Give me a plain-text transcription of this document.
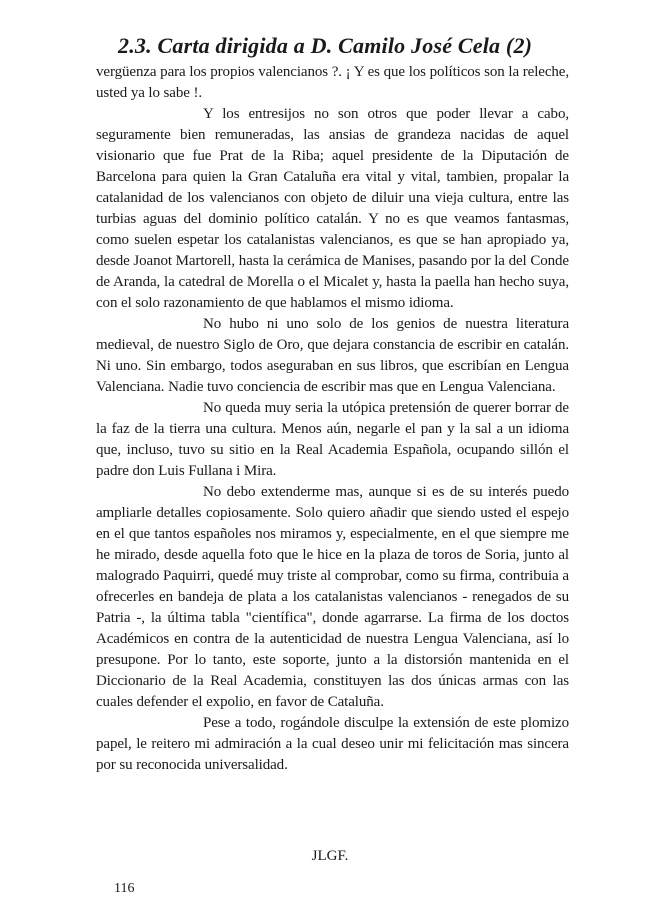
2.3. Carta dirigida a D. Camilo José Cela (2)

vergüenza para los propios valencianos ?. ¡ Y es que los políticos son la releche, usted ya lo sabe !.

Y los entresijos no son otros que poder llevar a cabo, seguramente bien remuneradas, las ansias de grandeza nacidas de aquel visionario que fue Prat de la Riba; aquel presidente de la Diputación de Barcelona para quien la Gran Cataluña era vital y vital, tambien, propalar la catalanidad de los valencianos con objeto de diluir una vieja cultura, entre las turbias aguas del dominio político catalán. Y no es que veamos fantasmas, como suelen espetar los catalanistas valencianos, es que se han apropiado ya, desde Joanot Martorell, hasta la cerámica de Manises, pasando por la del Conde de Aranda, la catedral de Morella o el Micalet y, hasta la paella han hecho suya, con el solo razonamiento de que hablamos el mismo idioma.

No hubo ni uno solo de los genios de nuestra literatura medieval, de nuestro Siglo de Oro, que dejara constancia de escribir en catalán. Ni uno. Sin embargo, todos aseguraban en sus libros, que escribían en Lengua Valenciana. Nadie tuvo conciencia de escribir mas que en Lengua Valenciana.

No queda muy seria la utópica pretensión de querer borrar de la faz de la tierra una cultura. Menos aún, negarle el pan y la sal a un idioma que, incluso, tuvo su sitio en la Real Academia Española, ocupando sillón el padre don Luis Fullana i Mira.

No debo extenderme mas, aunque si es de su interés puedo ampliarle detalles copiosamente. Solo quiero añadir que siendo usted el espejo en el que tantos españoles nos miramos y, especialmente, en el que siempre me he mirado, desde aquella foto que le hice en la plaza de toros de Soria, junto al malogrado Paquirri, quedé muy triste al comprobar, como su firma, contribuia a ofrecerles en bandeja de plata a los catalanistas valencianos - renegados de su Patria -, la última tabla "científica", donde agarrarse. La firma de los doctos Académicos en contra de la autenticidad de nuestra Lengua Valenciana, así lo presupone. Por lo tanto, este soporte, junto a la distorsión mantenida en el Diccionario de la Real Academia, constituyen las dos únicas armas con las cuales defender el expolio, en favor de Cataluña.

Pese a todo, rogándole disculpe la extensión de este plomizo papel, le reitero mi admiración a la cual deseo unir mi felicitación mas sincera por su reconocida universalidad.

JLGF.

116
